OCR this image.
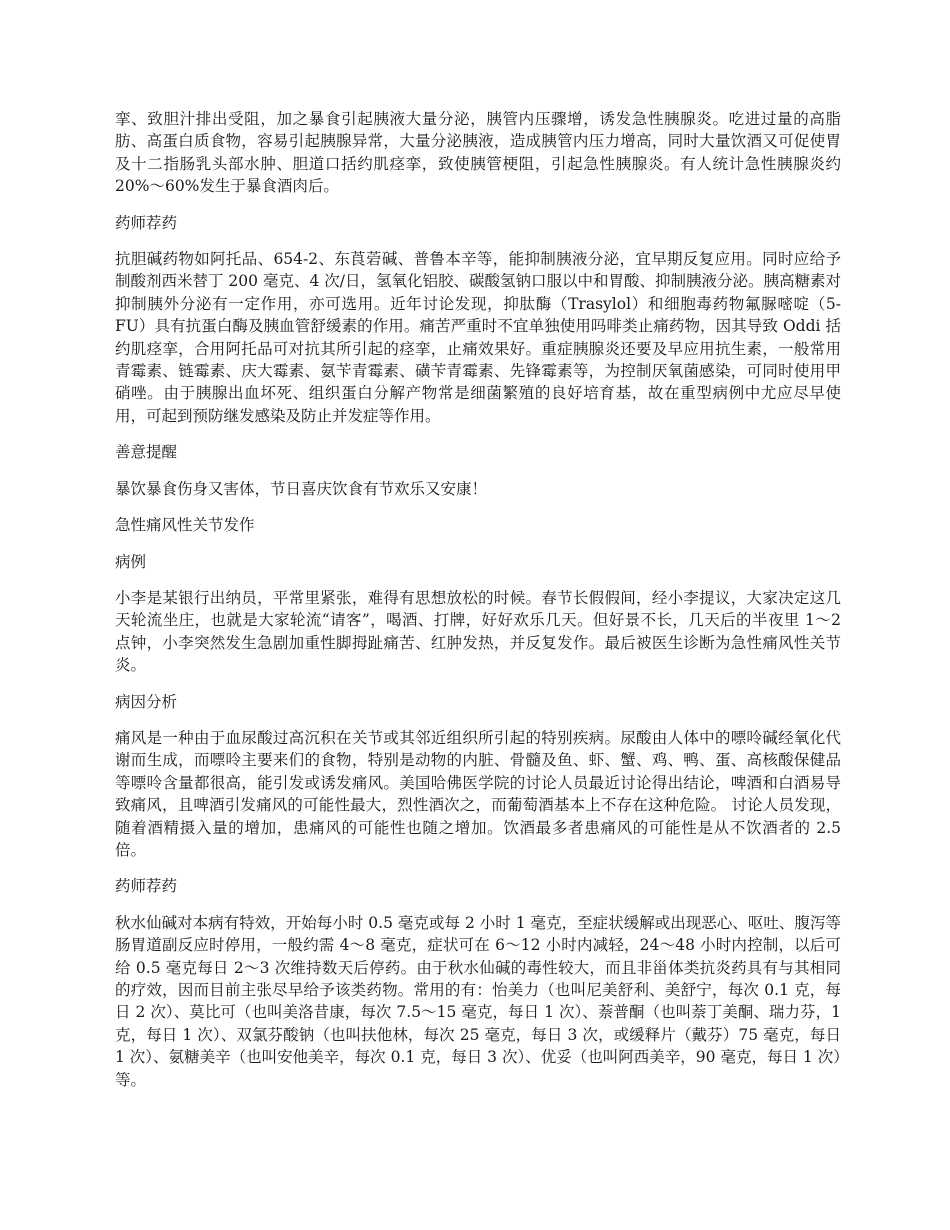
挛、致胆汁排出受阻，加之暴食引起胰液大量分泌，胰管内压骤增，诱发急性胰腺炎。吃进过量的高脂肪、高蛋白质食物，容易引起胰腺异常，大量分泌胰液，造成胰管内压力增高，同时大量饮酒又可促使胃及十二指肠乳头部水肿、胆道口括约肌痉挛，致使胰管梗阻，引起急性胰腺炎。有人统计急性胰腺炎约 20%～60%发生于暴食酒肉后。

药师荐药

抗胆碱药物如阿托品、654-2、东莨菪碱、普鲁本辛等，能抑制胰液分泌，宜早期反复应用。同时应给予制酸剂西米替丁 200 毫克、4 次/日，氢氧化铝胶、碳酸氢钠口服以中和胃酸、抑制胰液分泌。胰高糖素对抑制胰外分泌有一定作用，亦可选用。近年讨论发现，抑肽酶（Trasylol）和细胞毒药物氟脲嘧啶（5-FU）具有抗蛋白酶及胰血管舒缓素的作用。痛苦严重时不宜单独使用吗啡类止痛药物，因其导致 Oddi 括约肌痉挛，合用阿托品可对抗其所引起的痉挛，止痛效果好。重症胰腺炎还要及早应用抗生素，一般常用青霉素、链霉素、庆大霉素、氨苄青霉素、磺苄青霉素、先锋霉素等，为控制厌氧菌感染，可同时使用甲硝唑。由于胰腺出血坏死、组织蛋白分解产物常是细菌繁殖的良好培育基，故在重型病例中尤应尽早使用，可起到预防继发感染及防止并发症等作用。

善意提醒

暴饮暴食伤身又害体，节日喜庆饮食有节欢乐又安康！

急性痛风性关节发作

病例

小李是某银行出纳员，平常里紧张，难得有思想放松的时候。春节长假假间，经小李提议，大家决定这几天轮流坐庄，也就是大家轮流“请客”，喝酒、打牌，好好欢乐几天。但好景不长，几天后的半夜里 1～2 点钟，小李突然发生急剧加重性脚拇趾痛苦、红肿发热，并反复发作。最后被医生诊断为急性痛风性关节炎。

病因分析

痛风是一种由于血尿酸过高沉积在关节或其邻近组织所引起的特别疾病。尿酸由人体中的嘌呤碱经氧化代谢而生成，而嘌呤主要来们的食物，特别是动物的内脏、骨髓及鱼、虾、蟹、鸡、鸭、蛋、高核酸保健品等嘌呤含量都很高，能引发或诱发痛风。美国哈佛医学院的讨论人员最近讨论得出结论，啤酒和白酒易导致痛风，且啤酒引发痛风的可能性最大，烈性酒次之，而葡萄酒基本上不存在这种危险。 讨论人员发现，随着酒精摄入量的增加，患痛风的可能性也随之增加。饮酒最多者患痛风的可能性是从不饮酒者的 2.5 倍。

药师荐药

秋水仙碱对本病有特效，开始每小时 0.5 毫克或每 2 小时 1 毫克，至症状缓解或出现恶心、呕吐、腹泻等肠胃道副反应时停用，一般约需 4～8 毫克，症状可在 6～12 小时内减轻，24～48 小时内控制，以后可给 0.5 毫克每日 2～3 次维持数天后停药。由于秋水仙碱的毒性较大，而且非甾体类抗炎药具有与其相同的疗效，因而目前主张尽早给予该类药物。常用的有：怡美力（也叫尼美舒利、美舒宁，每次 0.1 克，每日 2 次）、莫比可（也叫美洛昔康，每次 7.5～15 毫克，每日 1 次）、萘普酮（也叫萘丁美酮、瑞力芬，1 克，每日 1 次）、双氯芬酸钠（也叫扶他林，每次 25 毫克，每日 3 次，或缓释片（戴芬）75 毫克，每日 1 次）、氨糖美辛（也叫安他美辛，每次 0.1 克，每日 3 次）、优妥（也叫阿西美辛，90 毫克，每日 1 次）等。
